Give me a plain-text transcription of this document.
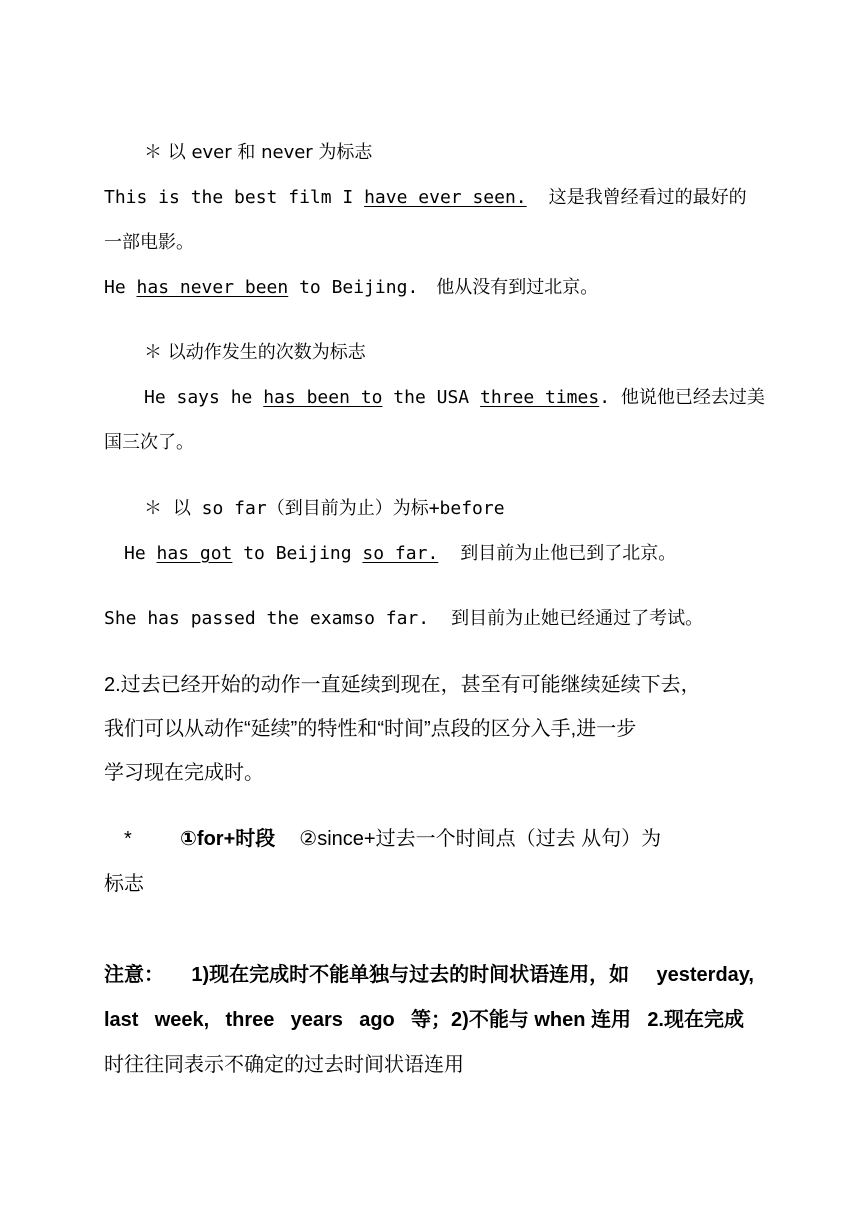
＊ 以 ever 和 never 为标志
This is the best film I have ever seen. 这是我曾经看过的最好的
一部电影。
He has never been to Beijing. 他从没有到过北京。
＊ 以动作发生的次数为标志
He says he has been to the USA three times. 他说他已经去过美
国三次了。
＊ 以 so far（到目前为止）为标+before
He has got to Beijing so far. 到目前为止他已到了北京。
She has passed the examso far. 到目前为止她已经通过了考试。
2.过去已经开始的动作一直延续到现在，甚至有可能继续延续下去，
我们可以从动作“延续”的特性和“时间”点段的区分入手,进一步
学习现在完成时。
* ①for+时段 ②since+过去一个时间点（过去 从句）为
标志
注意： 1)现在完成时不能单独与过去的时间状语连用，如 yesterday,
last week, three years ago 等；2)不能与 when 连用 2.现在完成
时往往同表示不确定的过去时间状语连用
